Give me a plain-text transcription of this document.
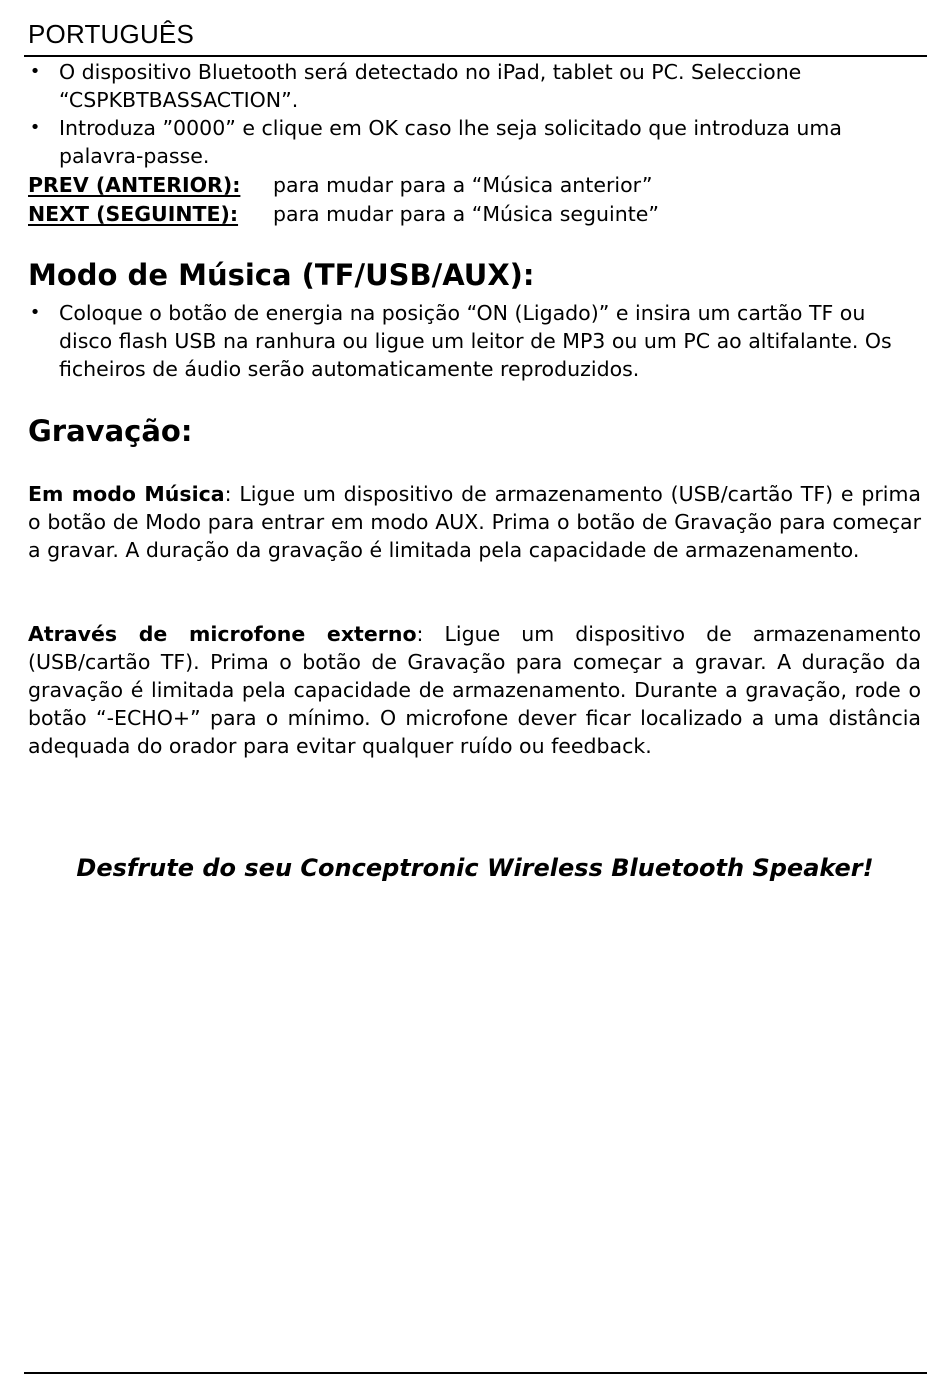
PORTUGUÊS
• O dispositivo Bluetooth será detectado no iPad, tablet ou PC. Seleccione “CSPKBTBASSACTION”.
• Introduza ”0000” e clique em OK caso lhe seja solicitado que introduza uma palavra-passe.
PREV (ANTERIOR):	para mudar para a “Música anterior”
NEXT (SEGUINTE):	para mudar para a “Música seguinte”
Modo de Música (TF/USB/AUX):
• Coloque o botão de energia na posição “ON (Ligado)” e insira um cartão TF ou disco flash USB na ranhura ou ligue um leitor de MP3 ou um PC ao altifalante. Os ficheiros de áudio serão automaticamente reproduzidos.
Gravação:
Em modo Música: Ligue um dispositivo de armazenamento (USB/cartão TF) e prima o botão de Modo para entrar em modo AUX. Prima o botão de Gravação para começar a gravar. A duração da gravação é limitada pela capacidade de armazenamento.
Através de microfone externo: Ligue um dispositivo de armazenamento (USB/cartão TF). Prima o botão de Gravação para começar a gravar. A duração da gravação é limitada pela capacidade de armazenamento. Durante a gravação, rode o botão “-ECHO+” para o mínimo. O microfone dever ficar localizado a uma distância adequada do orador para evitar qualquer ruído ou feedback.
Desfrute do seu Conceptronic Wireless Bluetooth Speaker!
